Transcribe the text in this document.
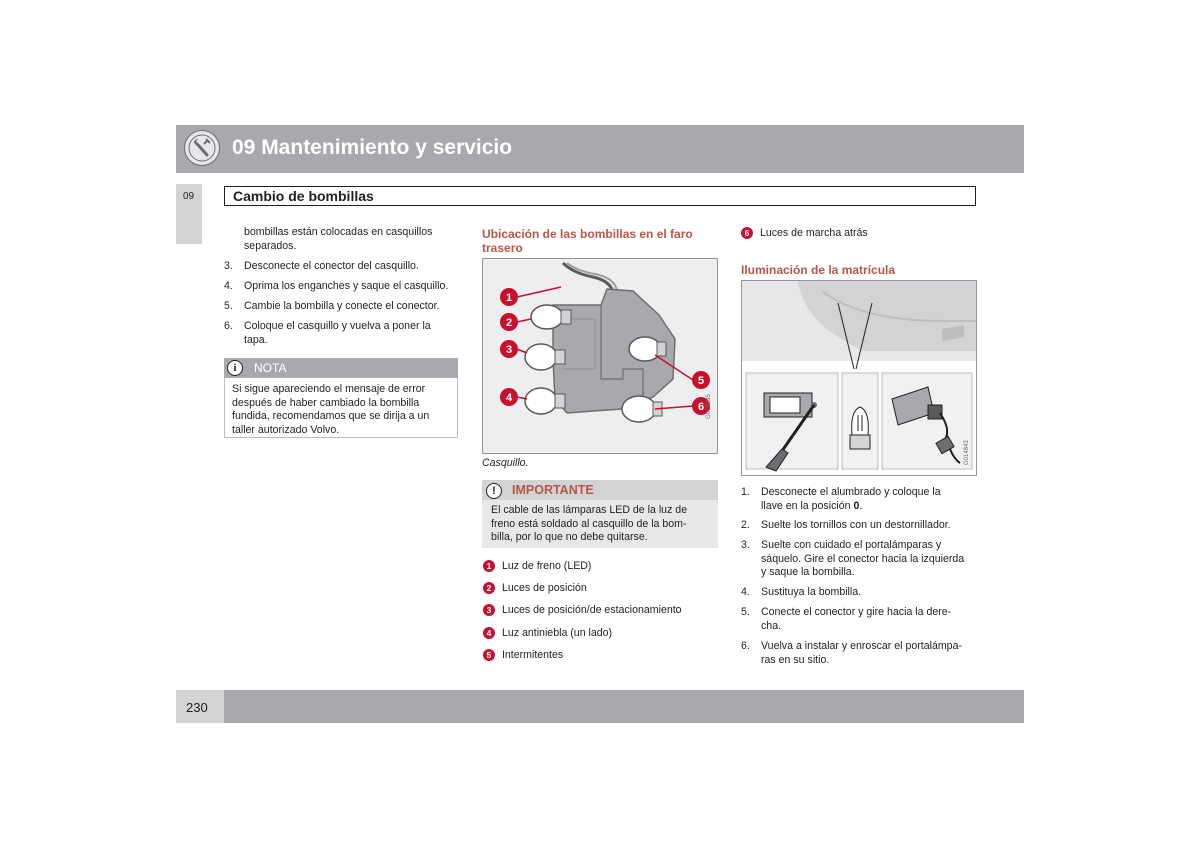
09 Mantenimiento y servicio
09	Cambio de bombillas
bombillas están colocadas en casquillos
separados.
3.	Desconecte el conector del casquillo.
4.	Oprima los enganches y saque el casquillo.
5.	Cambie la bombilla y conecte el conector.
6.	Coloque el casquillo y vuelva a poner la
tapa.
i	NOTA
Si sigue apareciendo el mensaje de error
después de haber cambiado la bombilla
fundida, recomendamos que se dirija a un
taller autorizado Volvo.
Ubicación de las bombillas en el faro
trasero
1
2
3
4
5
6 G018035
Casquillo.
!	IMPORTANTE
El cable de las lámparas LED de la luz de
freno está soldado al casquillo de la bom-
billa, por lo que no debe quitarse.
1 Luz de freno (LED)
2 Luces de posición
3 Luces de posición/de estacionamiento
4 Luz antiniebla (un lado)
5 Intermitentes
6 Luces de marcha atrás
Iluminación de la matrícula
G014843
1.	Desconecte el alumbrado y coloque la
llave en la posición 0.
2.	Suelte los tornillos con un destornillador.
3.	Suelte con cuidado el portalámparas y
sáquelo. Gire el conector hacia la izquierda
y saque la bombilla.
4.	Sustituya la bombilla.
5.	Conecte el conector y gire hacia la dere-
cha.
6.	Vuelva a instalar y enroscar el portalámpa-
ras en su sitio.
230
